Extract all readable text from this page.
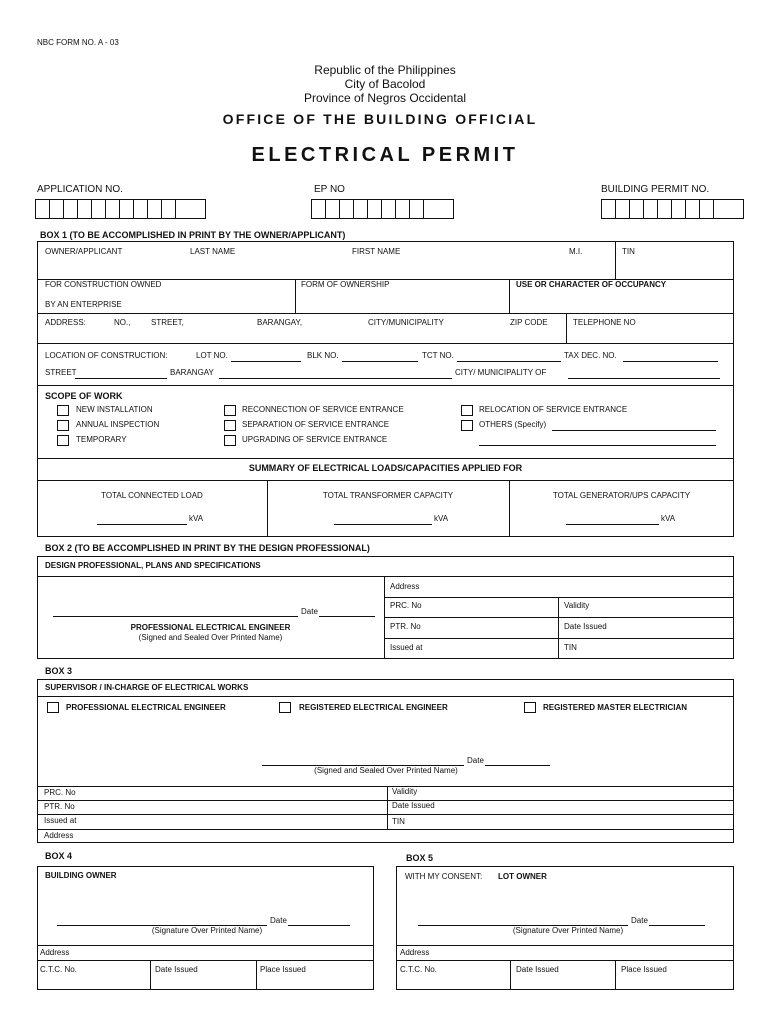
NBC FORM NO. A - 03
Republic of the Philippines
City of Bacolod
Province of Negros Occidental
OFFICE OF THE BUILDING OFFICIAL
ELECTRICAL PERMIT
APPLICATION NO.	EP NO	BUILDING PERMIT NO.
BOX 1 (TO BE ACCOMPLISHED IN PRINT BY THE OWNER/APPLICANT)
OWNER/APPLICANT	LAST NAME	FIRST NAME	M.I.	TIN
FOR CONSTRUCTION OWNED
BY AN ENTERPRISE
FORM OF OWNERSHIP	USE OR CHARACTER OF OCCUPANCY
ADDRESS:	NO.,	STREET,	BARANGAY,	CITY/MUNICIPALITY	ZIP CODE	TELEPHONE NO
LOCATION OF CONSTRUCTION:	LOT NO.	BLK NO.	TCT NO.	TAX DEC. NO.
STREET	BARANGAY	CITY/ MUNICIPALITY OF
SCOPE OF WORK
NEW INSTALLATION
ANNUAL INSPECTION
TEMPORARY
RECONNECTION OF SERVICE ENTRANCE
SEPARATION OF SERVICE ENTRANCE
UPGRADING OF SERVICE ENTRANCE
RELOCATION OF SERVICE ENTRANCE
OTHERS (Specify)
SUMMARY OF ELECTRICAL LOADS/CAPACITIES APPLIED FOR
TOTAL CONNECTED LOAD	TOTAL TRANSFORMER CAPACITY	TOTAL GENERATOR/UPS CAPACITY
kVA	kVA	kVA
BOX 2 (TO BE ACCOMPLISHED IN PRINT BY THE DESIGN PROFESSIONAL)
DESIGN PROFESSIONAL, PLANS AND SPECIFICATIONS
Address
PRC. No	Validity
PTR. No	Date Issued
Issued at	TIN
Date
PROFESSIONAL ELECTRICAL ENGINEER
(Signed and Sealed Over Printed Name)
BOX 3
SUPERVISOR / IN-CHARGE OF ELECTRICAL WORKS
PROFESSIONAL ELECTRICAL ENGINEER	REGISTERED ELECTRICAL ENGINEER	REGISTERED MASTER ELECTRICIAN
Date
(Signed and Sealed Over Printed Name)
PRC. No	Validity
PTR. No	Date Issued
Issued at	TIN
Address
BOX 4
BUILDING OWNER
Date
(Signature Over Printed Name)
Address
C.T.C. No.	Date Issued	Place Issued
BOX 5
WITH MY CONSENT: LOT OWNER
Date
(Signature Over Printed Name)
Address
C.T.C. No.	Date Issued	Place Issued
